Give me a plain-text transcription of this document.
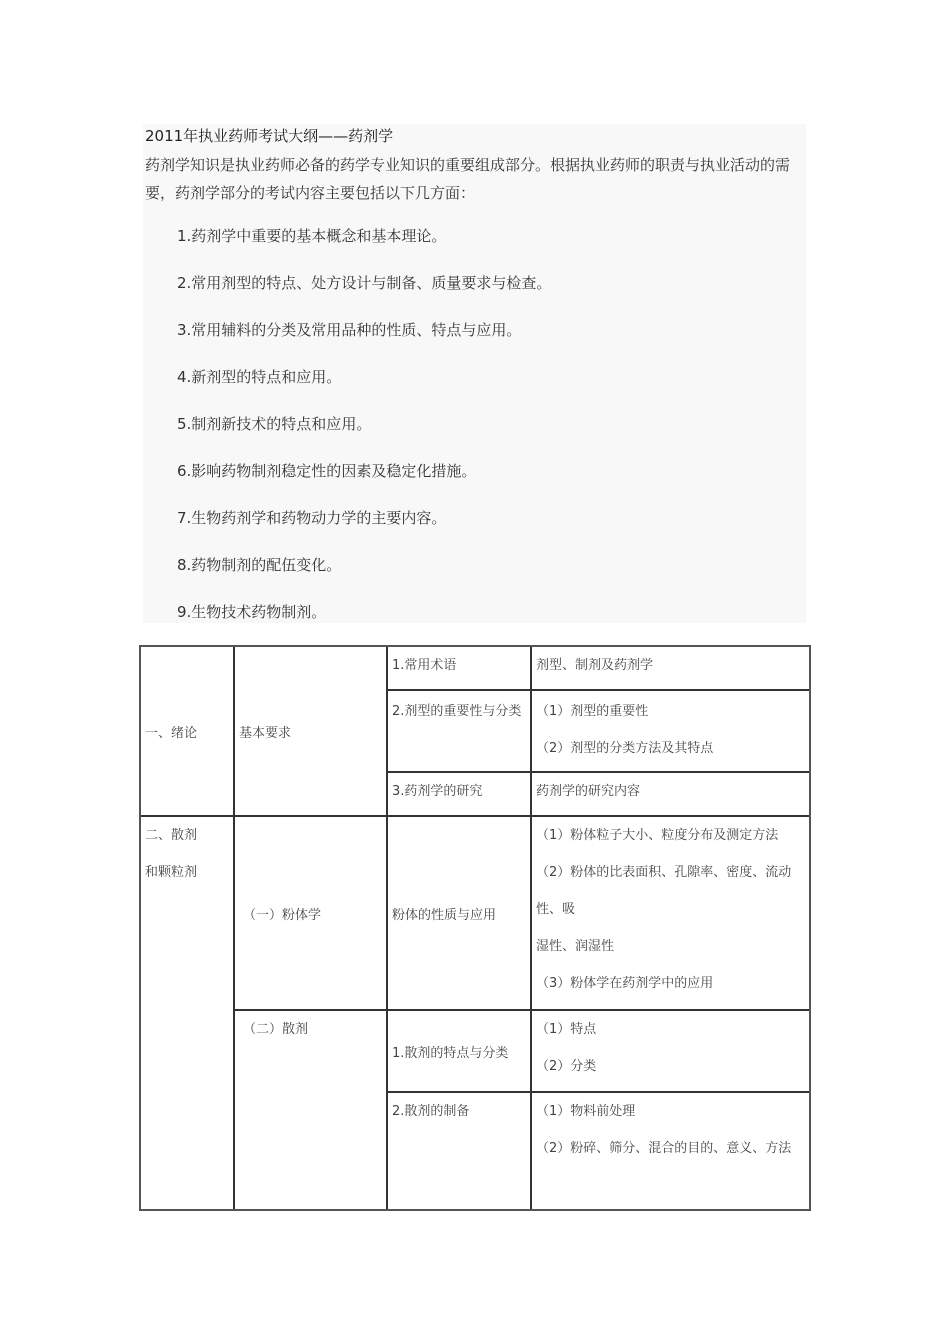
2011年执业药师考试大纲——药剂学
药剂学知识是执业药师必备的药学专业知识的重要组成部分。根据执业药师的职责与执业活动的需要，药剂学部分的考试内容主要包括以下几方面：
1.药剂学中重要的基本概念和基本理论。
2.常用剂型的特点、处方设计与制备、质量要求与检查。
3.常用辅料的分类及常用品种的性质、特点与应用。
4.新剂型的特点和应用。
5.制剂新技术的特点和应用。
6.影响药物制剂稳定性的因素及稳定化措施。
7.生物药剂学和药物动力学的主要内容。
8.药物制剂的配伍变化。
9.生物技术药物制剂。
一、绪论	基本要求	1.常用术语	剂型、制剂及药剂学

		2.剂型的重要性与分类	（1）剂型的重要性
（2）剂型的分类方法及其特点

		3.药剂学的研究	药剂学的研究内容

二、散剂
和颗粒剂	（一）粉体学	粉体的性质与应用	（1）粉体粒子大小、粒度分布及测定方法
（2）粉体的比表面积、孔隙率、密度、流动性、吸
湿性、润湿性
（3）粉体学在药剂学中的应用

	（二）散剂	1.散剂的特点与分类	（1）特点
（2）分类

		2.散剂的制备	（1）物料前处理
（2）粉碎、筛分、混合的目的、意义、方法
